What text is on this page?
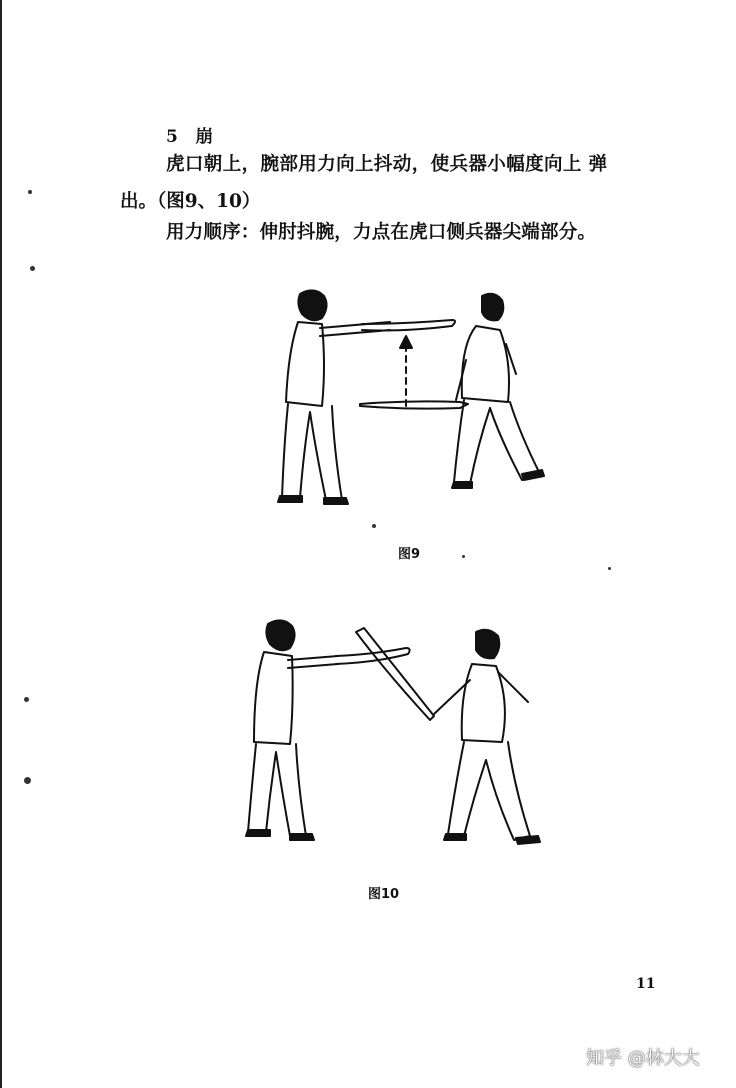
5 崩
虎口朝上，腕部用力向上抖动，使兵器小幅度向上 弹
出。（图9、10）
用力顺序：伸肘抖腕，力点在虎口侧兵器尖端部分。
图9
图10
11
知乎 @林大大
